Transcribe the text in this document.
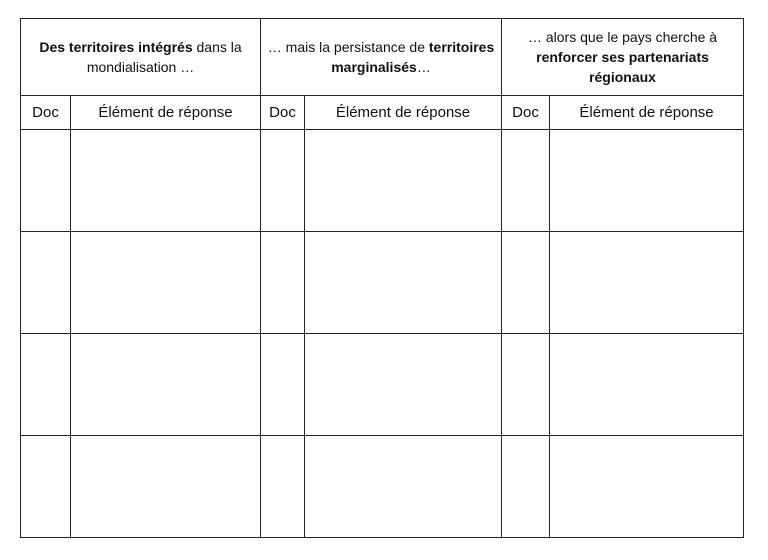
Des territoires intégrés dans la mondialisation …		… mais la persistance de territoires marginalisés…		… alors que le pays cherche à renforcer ses partenariats régionaux	
Doc	Élément de réponse	Doc	Élément de réponse	Doc	Élément de réponse
